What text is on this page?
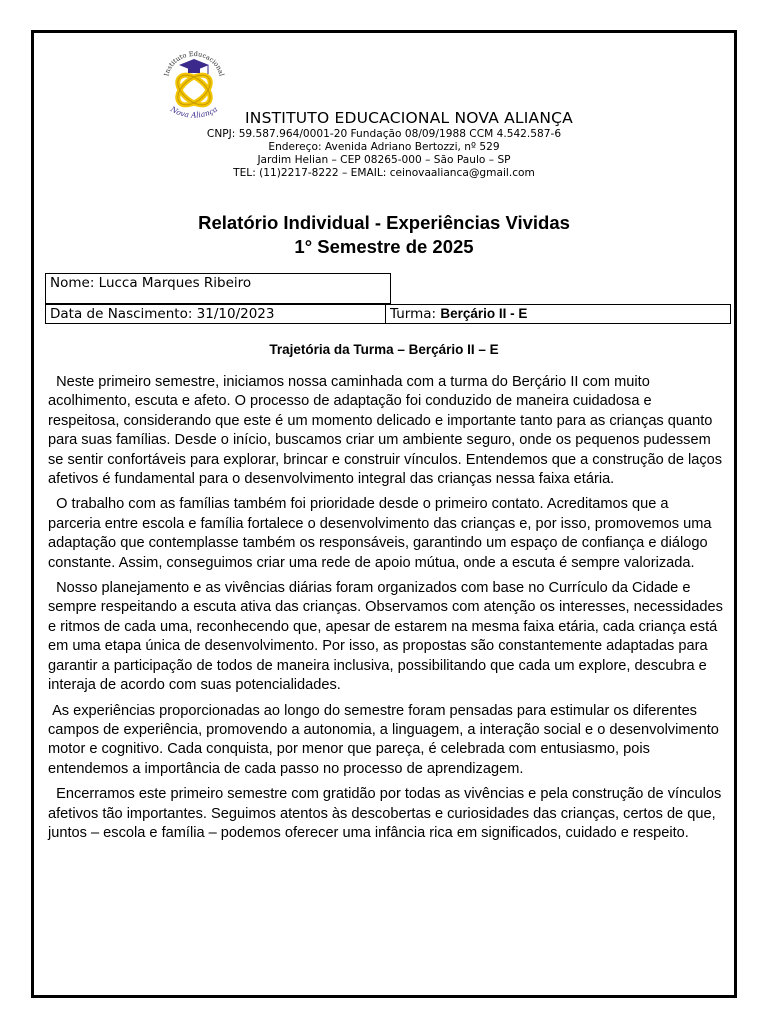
Instituto Educacional
Nova Aliança	INSTITUTO EDUCACIONAL NOVA ALIANÇA
CNPJ: 59.587.964/0001-20 Fundação 08/09/1988 CCM 4.542.587-6
Endereço: Avenida Adriano Bertozzi, nº 529
Jardim Helian – CEP 08265-000 – São Paulo – SP
TEL: (11)2217-8222 – EMAIL: ceinovaalianca@gmail.com
Relatório Individual - Experiências Vividas
1° Semestre de 2025
Nome: Lucca Marques Ribeiro
Data de Nascimento: 31/10/2023	Turma: Berçário II - E
Trajetória da Turma – Berçário II – E

Neste primeiro semestre, iniciamos nossa caminhada com a turma do Berçário II com muito acolhimento, escuta e afeto. O processo de adaptação foi conduzido de maneira cuidadosa e respeitosa, considerando que este é um momento delicado e importante tanto para as crianças quanto para suas famílias. Desde o início, buscamos criar um ambiente seguro, onde os pequenos pudessem se sentir confortáveis para explorar, brincar e construir vínculos. Entendemos que a construção de laços afetivos é fundamental para o desenvolvimento integral das crianças nessa faixa etária.

O trabalho com as famílias também foi prioridade desde o primeiro contato. Acreditamos que a parceria entre escola e família fortalece o desenvolvimento das crianças e, por isso, promovemos uma adaptação que contemplasse também os responsáveis, garantindo um espaço de confiança e diálogo constante. Assim, conseguimos criar uma rede de apoio mútua, onde a escuta é sempre valorizada.

Nosso planejamento e as vivências diárias foram organizados com base no Currículo da Cidade e sempre respeitando a escuta ativa das crianças. Observamos com atenção os interesses, necessidades e ritmos de cada uma, reconhecendo que, apesar de estarem na mesma faixa etária, cada criança está em uma etapa única de desenvolvimento. Por isso, as propostas são constantemente adaptadas para garantir a participação de todos de maneira inclusiva, possibilitando que cada um explore, descubra e interaja de acordo com suas potencialidades.

As experiências proporcionadas ao longo do semestre foram pensadas para estimular os diferentes campos de experiência, promovendo a autonomia, a linguagem, a interação social e o desenvolvimento motor e cognitivo. Cada conquista, por menor que pareça, é celebrada com entusiasmo, pois entendemos a importância de cada passo no processo de aprendizagem.

Encerramos este primeiro semestre com gratidão por todas as vivências e pela construção de vínculos afetivos tão importantes. Seguimos atentos às descobertas e curiosidades das crianças, certos de que, juntos – escola e família – podemos oferecer uma infância rica em significados, cuidado e respeito.
